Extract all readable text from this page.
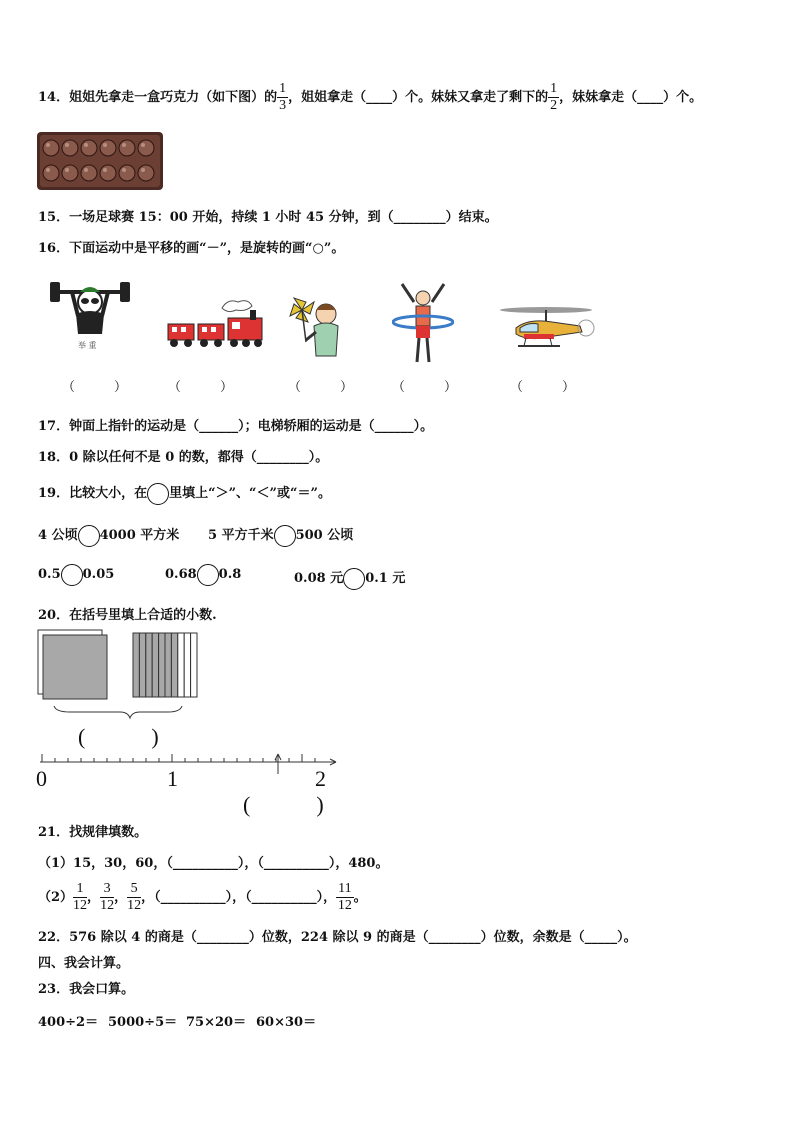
14．姐姐先拿走一盒巧克力（如下图）的 $\frac{1}{3}$ ，姐姐拿走（____）个。妹妹又拿走了剩下的 $\frac{1}{2}$ ，妹妹拿走（____）个。
15．一场足球赛 15：00 开始，持续 1 小时 45 分钟，到（________）结束。
16．下面运动中是平移的画“－”，是旋转的画“○”。
举 重
（　　　）	（　　　）	（　　　）	（　　　）	（　　　）
17．钟面上指针的运动是（______）；电梯轿厢的运动是（______）。
18．0 除以任何不是 0 的数，都得（________）。
19．比较大小，在 里填上“＞”、“＜”或“＝”。
4 公顷 4000 平方米 5 平方千米 500 公顷
0.5 0.05	0.68 0.8	0.08 元 0.1 元
20．在括号里填上合适的小数.
(　　　)
0	1	2
(　　　)
21．找规律填数。
（1）15，30，60，（__________），（__________），480。
$(2) \frac{1}{12}$ ， $\frac{3}{12}$ ， $\frac{5}{12}$ ，（__________），（__________）， $\frac{11}{12}$ 。
22．576 除以 4 的商是（________）位数，224 除以 9 的商是（________）位数，余数是（_____）。
四、我会计算。
23．我会口算。
400÷2＝ 5000÷5＝ 75×20＝ 60×30＝
